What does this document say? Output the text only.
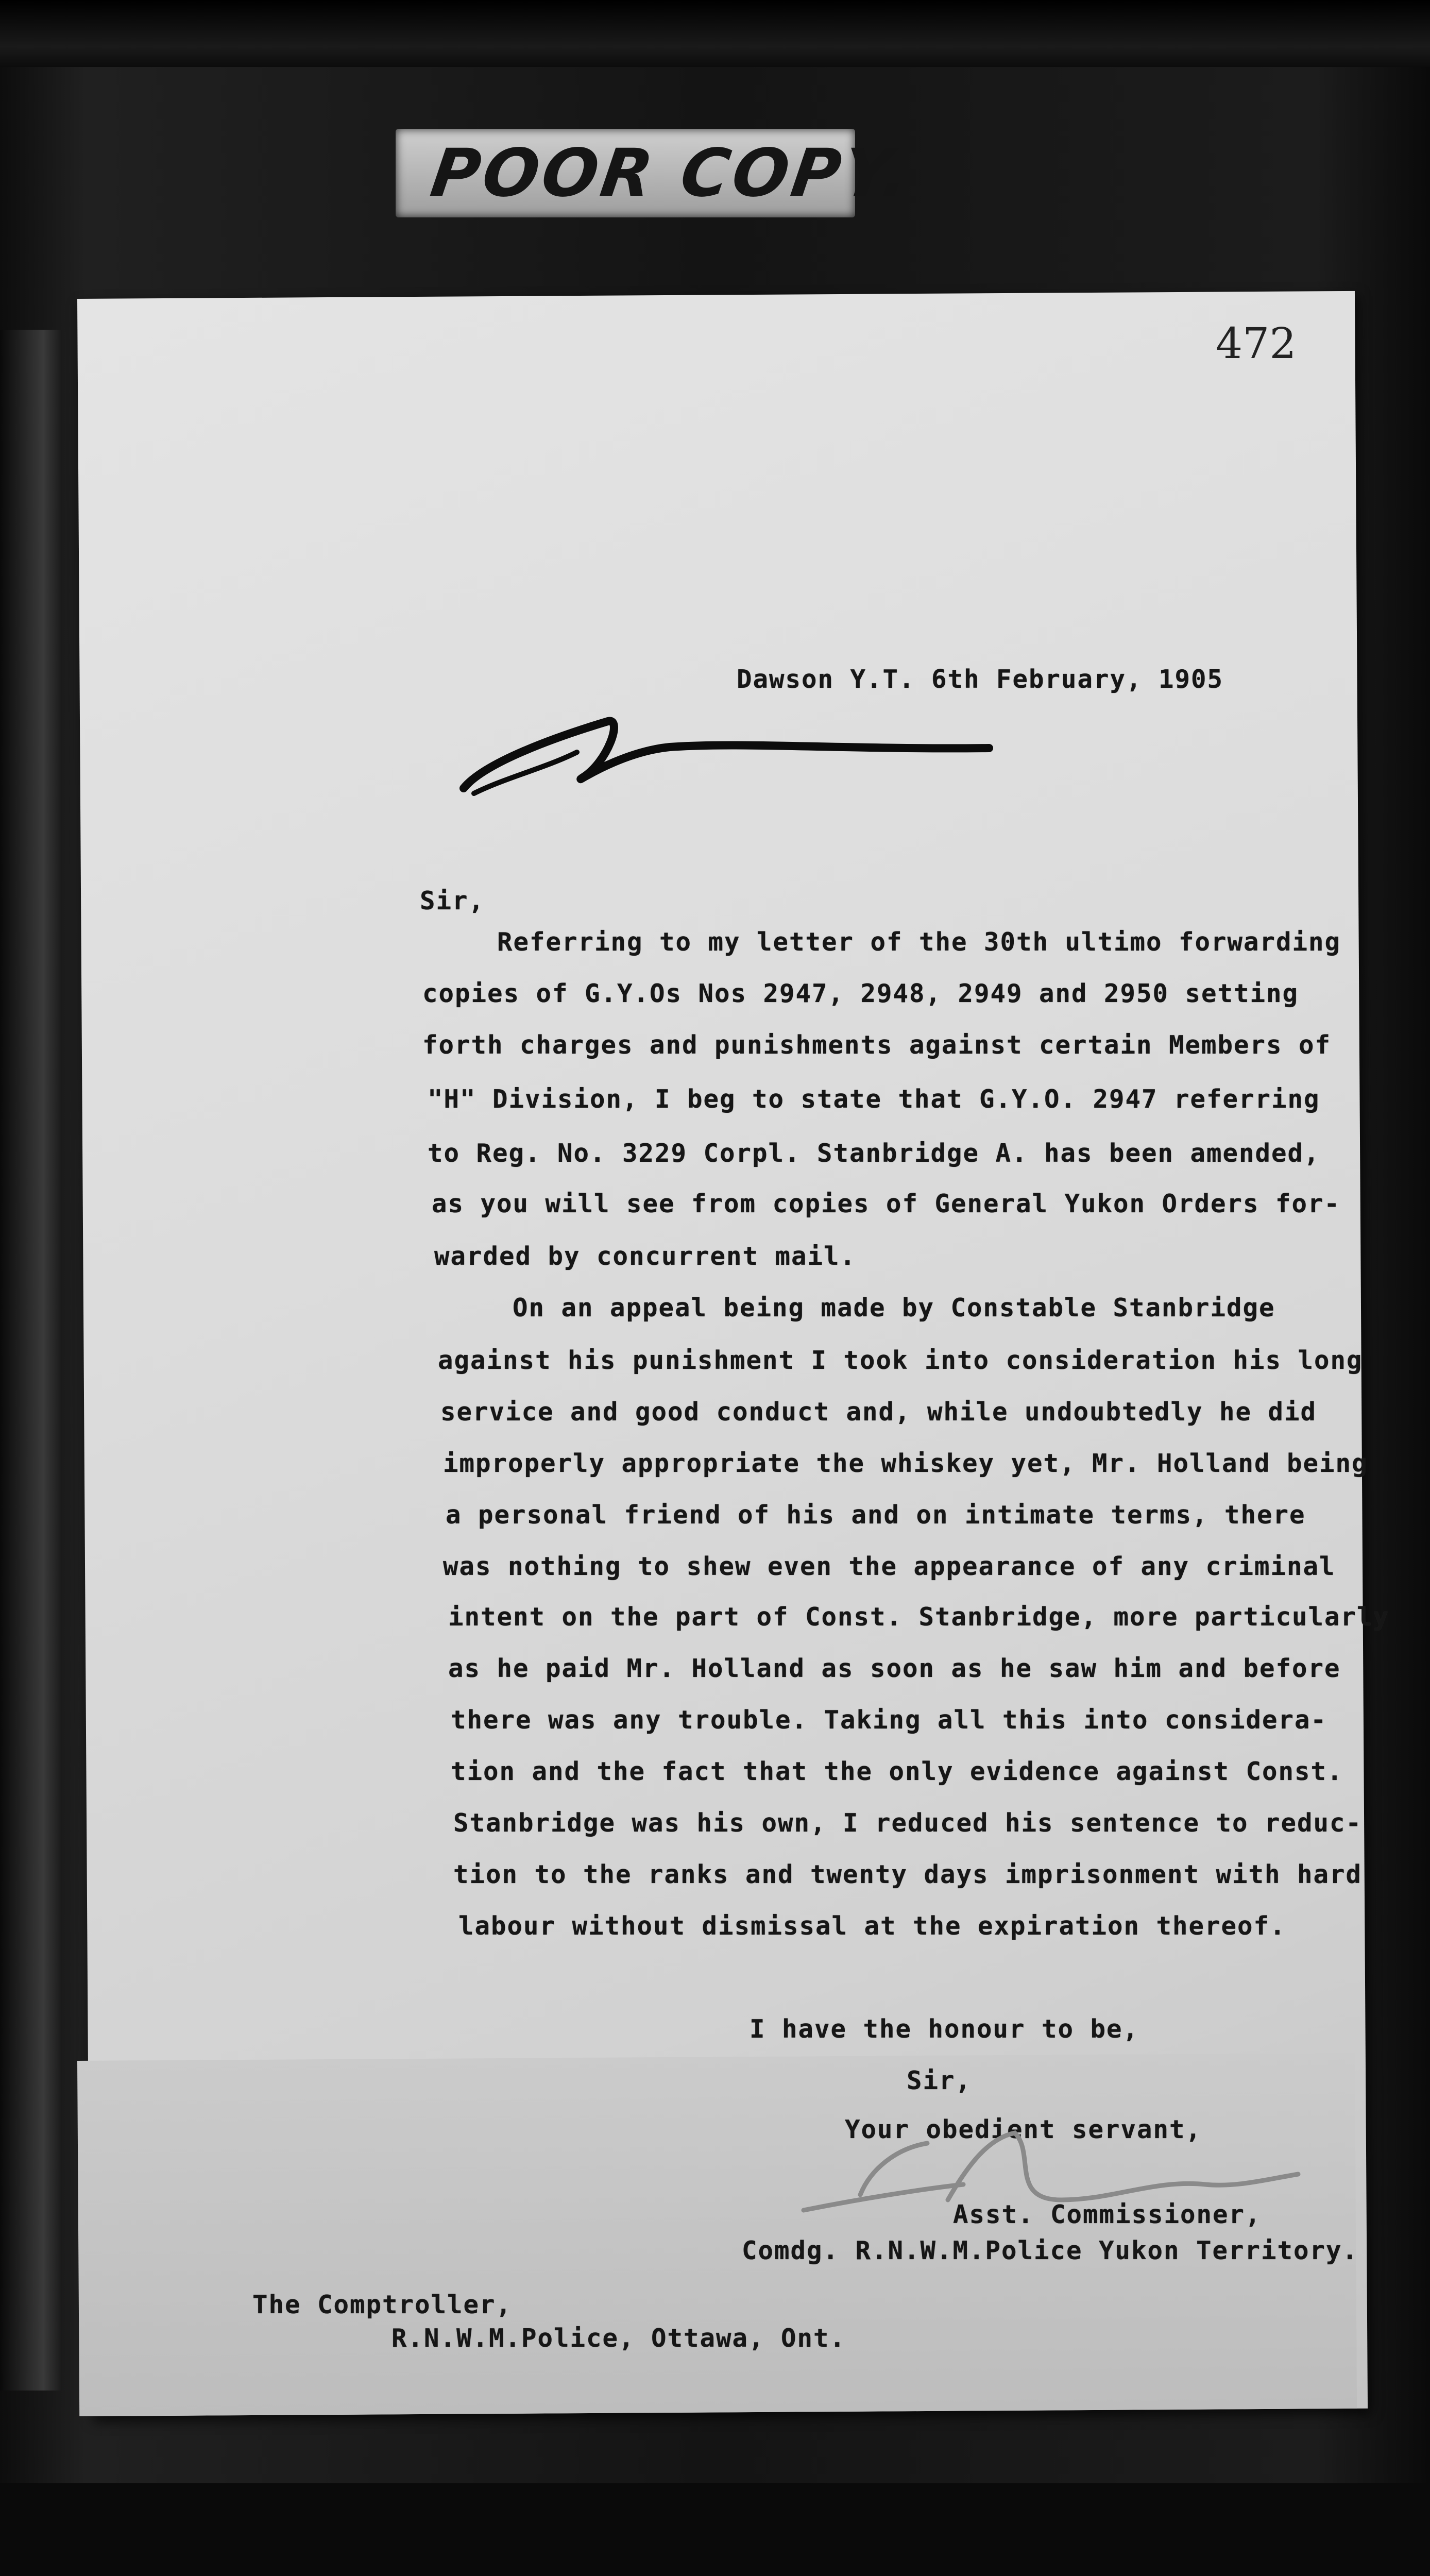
POOR COPY.
472
Dawson Y.T. 6th February, 1905
Sir,
Referring to my letter of the 30th ultimo forwarding
copies of G.Y.Os Nos 2947, 2948, 2949 and 2950 setting
forth charges and punishments against certain Members of
"H" Division, I beg to state that G.Y.O. 2947 referring
to Reg. No. 3229 Corpl. Stanbridge A. has been amended,
as you will see from copies of General Yukon Orders for-
warded by concurrent mail.
On an appeal being made by Constable Stanbridge
against his punishment I took into consideration his long
service and good conduct and, while undoubtedly he did
improperly appropriate the whiskey yet, Mr. Holland being
a personal friend of his and on intimate terms, there
was nothing to shew even the appearance of any criminal
intent on the part of Const. Stanbridge, more particularly
as he paid Mr. Holland as soon as he saw him and before
there was any trouble. Taking all this into considera-
tion and the fact that the only evidence against Const.
Stanbridge was his own, I reduced his sentence to reduc-
tion to the ranks and twenty days imprisonment with hard
labour without dismissal at the expiration thereof.
I have the honour to be,
Sir,
Your obedient servant,
Asst. Commissioner,
Comdg. R.N.W.M.Police Yukon Territory.
The Comptroller,
R.N.W.M.Police, Ottawa, Ont.
